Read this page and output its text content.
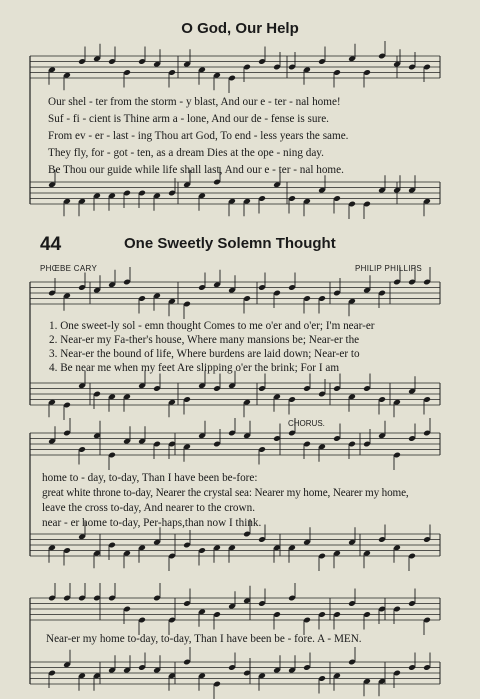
O God, Our Help
Our shel - ter from the storm - y blast, And our e - ter - nal home!
Suf - fi - cient is Thine arm a - lone, And our de - fense is sure.
From ev - er - last - ing Thou art God, To end - less years the same.
They fly, for - got - ten, as a dream Dies at the ope - ning day.
Be Thou our guide while life shall last, And our e - ter - nal home.
44	One Sweetly Solemn Thought
PHŒBE CARY	PHILIP PHILLIPS
1. One sweet-ly sol - emn thought Comes to me o'er and o'er; I'm near-er
2. Near-er my Fa-ther's house, Where many mansions be; Near-er the
3. Near-er the bound of life, Where burdens are laid down; Near-er to
4. Be near me when my feet Are slipping o'er the brink; For I am
CHORUS.
home to - day, to-day, Than I have been be-fore:
great white throne to-day, Nearer the crystal sea: Nearer my home, Nearer my home,
leave the cross to-day, And nearer to the crown.
near - er home to-day, Per-haps,than now I think.
Near-er my home to-day, to-day, Than I have been be - fore. A - MEN.
